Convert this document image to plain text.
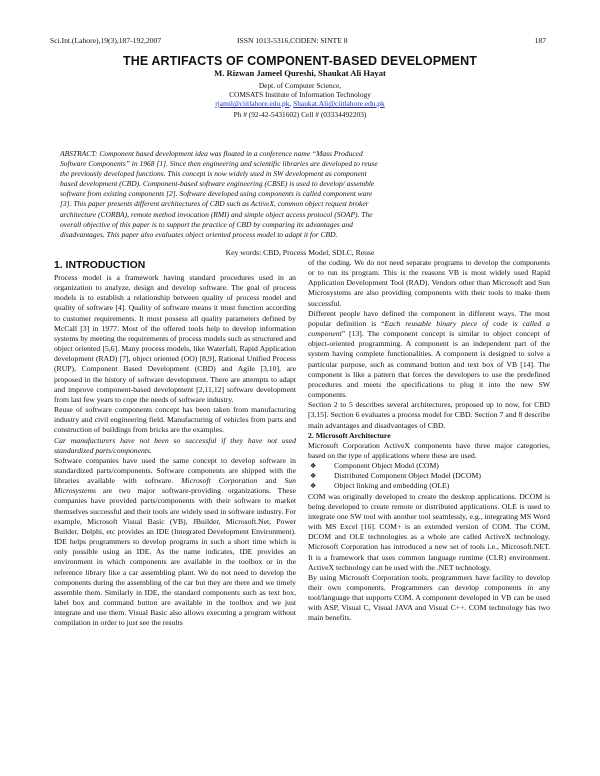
Sci.Int.(Lahore),19(3),187-192,2007	ISSN 1013-5316,CODEN: SINTE 8	187
THE ARTIFACTS OF COMPONENT-BASED DEVELOPMENT
M. Rizwan Jameel Qureshi, Shaukat Ali Hayat
Dept. of Computer Science,
COMSATS Institute of Information Technology
rjamil@ciitlahore.edu.pk, Shaukat.Ali@ciitlahore.edu.pk
Ph # (92-42-5431602) Cell # (03334492203)
ABSTRACT: Component based development idea was floated in a conference name “Mass Produced
Software Components” in 1968 [1]. Since then engineering and scientific libraries are developed to reuse
the previously developed functions. This concept is now widely used in SW development as component
based development (CBD). Component-based software engineering (CBSE) is used to develop/ assemble
software from existing components [2]. Software developed using components is called component ware
[3]. This paper presents different architectures of CBD such as ActiveX, common object request broker
architecture (CORBA), remote method invocation (RMI) and simple object access protocol (SOAP). The
overall objective of this paper is to support the practice of CBD by comparing its advantages and
disadvantages. This paper also evaluates object oriented process model to adapt it for CBD.
Key words: CBD, Process Model, SDLC, Reuse
1. INTRODUCTION

Process model is a framework having standard procedures used in an organization to analyze, design and develop software. The goal of process models is to establish a relationship between quality of process model and quality of software [4]. Quality of software means it must function according to customer requirements. It must possess all quality parameters defined by McCall [3] in 1977. Most of the offered tools help to develop information systems by meeting the requirements of process models such as structured and object oriented [5,6]. Many process models, like Waterfall, Rapid Application development (RAD) [7], object oriented (OO) [8,9], Rational Unified Process (RUP), Component Based Development (CBD) and Agile [3,10], are proposed in the history of software development. There are attempts to adapt and improve component-based development [2,11,12] software development from last few years to cope the needs of software industry.

Reuse of software components concept has been taken from manufacturing industry and civil engineering field. Manufacturing of vehicles from parts and construction of buildings from bricks are the examples.

Car manufacturers have not been so successful if they have not used standardized parts/components.

Software companies have used the same concept to develop software in standardized parts/components. Software components are shipped with the libraries available with software. Microsoft Corporation and Sun Microsystems are two major software-providing organizations. These companies have provided parts/components with their software to market themselves successful and their tools are widely used in software industry. For example, Microsoft Visual Basic (VB), JBuilder, Microsoft.Net, Power Builder, Delphi, etc provides an IDE (Integrated Development Environment). IDE helps programmers to develop programs in such a short time which is only possible using an IDE. As the name indicates, IDE provides an environment in which components are available in the toolbox or in the reference library like a car assembling plant. We do not need to develop the components during the assembling of the car but they are there and we timely assemble them. Similarly in IDE, the standard components such as text box, label box and command button are available in the toolbox and we just integrate and use them. Visual Basic also allows executing a program without compilation in order to just see the results

of the coding. We do not need separate programs to develop the components or to run its program. This is the reasons VB is most widely used Rapid Application Development Tool (RAD). Vendors other than Microsoft and Sun Microsystems are also providing components with their tools to make them successful.

Different people have defined the component in different ways. The most popular definition is “Each reusable binary piece of code is called a component” [13]. The component concept is similar to object concept of object-oriented programming. A component is an independent part of the system having complete functionalities. A component is designed to solve a particular purpose, such as command button and text box of VB [14]. The component is like a pattern that forces the developers to use the predefined procedures and meets the specifications to plug it into the new SW components.

Section 2 to 5 describes several architectures, proposed up to now, for CBD [3,15]. Section 6 evaluates a process model for CBD. Section 7 and 8 describe main advantages and disadvantages of CBD.

2. Microsoft Architecture

Microsoft Corporation ActiveX components have three major categories, based on the type of applications where these are used.

❖ Component Object Model (COM)
❖ Distributed Component Object Model (DCOM)
❖ Object linking and embedding (OLE)

COM was originally developed to create the desktop applications. DCOM is being developed to create remote or distributed applications. OLE is used to integrate one SW tool with another tool seamlessly, e.g., integrating MS Word with MS Excel [16]. COM+ is an extended version of COM. The COM, DCOM and OLE technologies as a whole are called ActiveX technology. Microsoft Corporation has introduced a new set of tools i.e., Microsoft.NET. It is a framework that uses common language runtime (CLR) environment. ActiveX technology can be used with the .NET technology.

By using Microsoft Corporation tools, programmers have facility to develop their own components. Programmers can develop components in any tool/language that supports COM. A component developed in VB can be used with ASP, Visual C, Visual JAVA and Visual C++. COM technology has two main benefits.
